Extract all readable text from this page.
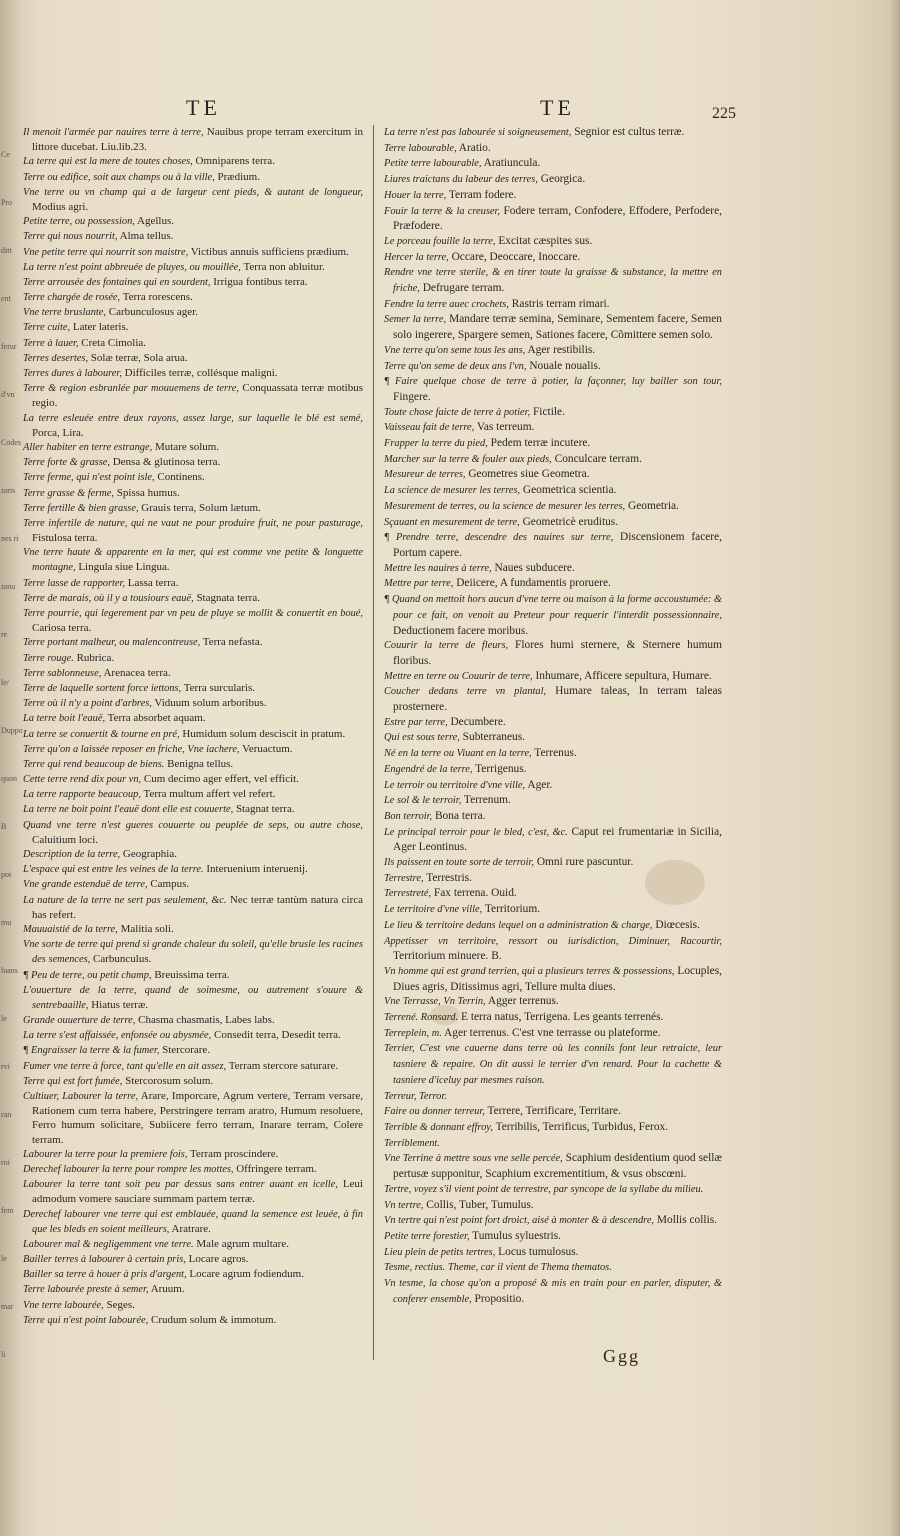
Ce
Pro
ditt
ent
ferur
d'vn
Codes
ioris
nes ri
ionu
re
le/
Duppo
quon
B
poi
mu
luans
le
rvi
ran
roi
fem
le
mar
li
TE	TE	225

Il menoit l'armée par nauires terre à terre, Nauibus prope terram exercitum in littore ducebat. Liu.lib.23.

La terre qui est la mere de toutes choses, Omniparens terra.

Terre ou edifice, soit aux champs ou à la ville, Prædium.

Vne terre ou vn champ qui a de largeur cent pieds, & autant de longueur, Modius agri.

Petite terre, ou possession, Agellus.

Terre qui nous nourrit, Alma tellus.

Vne petite terre qui nourrit son maistre, Victibus annuis sufficiens prædium.

La terre n'est point abbreuée de pluyes, ou mouillée, Terra non abluitur.

Terre arrousée des fontaines qui en sourdent, Irrigua fontibus terra.

Terre chargée de rosée, Terra rorescens.

Vne terre bruslante, Carbunculosus ager.

Terre cuite, Later lateris.

Terre à lauer, Creta Cimolia.

Terres desertes, Solæ terræ, Sola arua.

Terres dures à labourer, Difficiles terræ, collésque maligni.

Terre & region esbranlée par mouuemens de terre, Conquassata terræ motibus regio.

La terre esleuée entre deux rayons, assez large, sur laquelle le blé est semé, Porca, Lira.

Aller habiter en terre estrange, Mutare solum.

Terre forte & grasse, Densa & glutinosa terra.

Terre ferme, qui n'est point isle, Continens.

Terre grasse & ferme, Spissa humus.

Terre fertille & bien grasse, Grauis terra, Solum lætum.

Terre infertile de nature, qui ne vaut ne pour produire fruit, ne pour pasturage, Fistulosa terra.

Vne terre haute & apparente en la mer, qui est comme vne petite & longuette montagne, Lingula siue Lingua.

Terre lasse de rapporter, Lassa terra.

Terre de marais, où il y a tousiours eauë, Stagnata terra.

Terre pourrie, qui legerement par vn peu de pluye se mollit & conuertit en boué, Cariosa terra.

Terre portant malheur, ou malencontreuse, Terra nefasta.

Terre rouge. Rubrica.

Terre sablonneuse, Arenacea terra.

Terre de laquelle sortent force iettons, Terra surcularis.

Terre où il n'y a point d'arbres, Viduum solum arboribus.

La terre boit l'eauë, Terra absorbet aquam.

La terre se conuertit & tourne en pré, Humidum solum desciscit in pratum.

Terre qu'on a laissée reposer en friche, Vne iachere, Veruactum.

Terre qui rend beaucoup de biens. Benigna tellus.

Cette terre rend dix pour vn, Cum decimo ager effert, vel efficit.

La terre rapporte beaucoup, Terra multum affert vel refert.

La terre ne boit point l'eauë dont elle est couuerte, Stagnat terra.

Quand vne terre n'est gueres couuerte ou peuplée de seps, ou autre chose, Caluitium loci.

Description de la terre, Geographia.

L'espace qui est entre les veines de la terre. Interuenium interuenij.

Vne grande estenduë de terre, Campus.

La nature de la terre ne sert pas seulement, &c. Nec terræ tantùm natura circa has refert.

Mauuaistié de la terre, Malitia soli.

Vne sorte de terre qui prend si grande chaleur du soleil, qu'elle brusle les racines des semences, Carbunculus.

¶ Peu de terre, ou petit champ, Breuissima terra.

L'ouuerture de la terre, quand de soimesme, ou autrement s'ouure & sentrebaaille, Hiatus terræ.

Grande ouuerture de terre, Chasma chasmatis, Labes labs.

La terre s'est affaissée, enfonsée ou abysmée, Consedit terra, Desedit terra.

¶ Engraisser la terre & la fumer, Stercorare.

Fumer vne terre à force, tant qu'elle en ait assez, Terram stercore saturare.

Terre qui est fort fumée, Stercorosum solum.

Cultiuer, Labourer la terre, Arare, Imporcare, Agrum vertere, Terram versare, Rationem cum terra habere, Perstringere terram aratro, Humum resoluere, Ferro humum solicitare, Subiicere ferro terram, Inarare terram, Colere terram.

Labourer la terre pour la premiere fois, Terram proscindere.

Derechef labourer la terre pour rompre les mottes, Offringere terram.

Labourer la terre tant soit peu par dessus sans entrer auant en icelle, Leui admodum vomere sauciare summam partem terræ.

Derechef labourer vne terre qui est emblauée, quand la semence est leuée, à fin que les bleds en soient meilleurs, Aratrare.

Labourer mal & negligemment vne terre. Male agrum multare.

Bailler terres à labourer à certain pris, Locare agros.

Bailler sa terre à houer à pris d'argent, Locare agrum fodiendum.

Terre labourée preste à semer, Aruum.

Vne terre labourée, Seges.

Terre qui n'est point labourée, Crudum solum & immotum.

La terre n'est pas labourée si soigneusement, Segnior est cultus terræ.

Terre labourable, Aratio.

Petite terre labourable, Aratiuncula.

Liures traictans du labeur des terres, Georgica.

Houer la terre, Terram fodere.

Fouir la terre & la creuser, Fodere terram, Confodere, Effodere, Perfodere, Præfodere.

Le porceau fouille la terre, Excitat cæspites sus.

Hercer la terre, Occare, Deoccare, Inoccare.

Rendre vne terre sterile, & en tirer toute la graisse & substance, la mettre en friche, Defrugare terram.

Fendre la terre auec crochets, Rastris terram rimari.

Semer la terre, Mandare terræ semina, Seminare, Sementem facere, Semen solo ingerere, Spargere semen, Sationes facere, Cõmittere semen solo.

Vne terre qu'on seme tous les ans, Ager restibilis.

Terre qu'on seme de deux ans l'vn, Nouale noualis.

¶ Faire quelque chose de terre à potier, la façonner, luy bailler son tour, Fingere.

Toute chose faicte de terre à potier, Fictile.

Vaisseau fait de terre, Vas terreum.

Frapper la terre du pied, Pedem terræ incutere.

Marcher sur la terre & fouler aux pieds, Conculcare terram.

Mesureur de terres, Geometres siue Geometra.

La science de mesurer les terres, Geometrica scientia.

Mesurement de terres, ou la science de mesurer les terres, Geometria.

Sçauant en mesurement de terre, Geometricè eruditus.

¶ Prendre terre, descendre des nauires sur terre, Discensionem facere, Portum capere.

Mettre les nauires à terre, Naues subducere.

Mettre par terre, Deiicere, A fundamentis proruere.

¶ Quand on mettoit hors aucun d'vne terre ou maison à la forme accoustumée: & pour ce fait, on venoit au Preteur pour requerir l'interdit possessionnaire, Deductionem facere moribus.

Couurir la terre de fleurs, Flores humi sternere, & Sternere humum floribus.

Mettre en terre ou Couurir de terre, Inhumare, Afficere sepultura, Humare.

Coucher dedans terre vn plantal, Humare taleas, In terram taleas prosternere.

Estre par terre, Decumbere.

Qui est sous terre, Subterraneus.

Né en la terre ou Viuant en la terre, Terrenus.

Engendré de la terre, Terrigenus.

Le terroir ou territoire d'vne ville, Ager.

Le sol & le terroir, Terrenum.

Bon terroir, Bona terra.

Le principal terroir pour le bled, c'est, &c. Caput rei frumentariæ in Sicilia, Ager Leontinus.

Ils paissent en toute sorte de terroir, Omni rure pascuntur.

Terrestre, Terrestris.

Terrestreté, Fax terrena. Ouid.

Le territoire d'vne ville, Territorium.

Le lieu & territoire dedans lequel on a administration & charge, Diœcesis.

Appetisser vn territoire, ressort ou iurisdiction, Diminuer, Racourtir, Territorium minuere. B.

Vn homme qui est grand terrien, qui a plusieurs terres & possessions, Locuples, Diues agris, Ditissimus agri, Tellure multa diues.

Vne Terrasse, Vn Terrin, Agger terrenus.

Terrené. Ronsard. E terra natus, Terrigena. Les geants terrenés.

Terreplein, m. Ager terrenus. C'est vne terrasse ou plateforme.

Terrier, C'est vne cauerne dans terre où les connils font leur retraicte, leur tasniere & repaire. On dit aussi le terrier d'vn renard. Pour la cachette & tasniere d'iceluy par mesmes raison.

Terreur, Terror.

Faire ou donner terreur, Terrere, Terrificare, Territare.

Terrible & donnant effroy, Terribilis, Terrificus, Turbidus, Ferox.

Terriblement.

Vne Terrine à mettre sous vne selle percée, Scaphium desidentium quod sellæ pertusæ supponitur, Scaphium excrementitium, & vsus obscœni.

Tertre, voyez s'il vient point de terrestre, par syncope de la syllabe du milieu.

Vn tertre, Collis, Tuber, Tumulus.

Vn tertre qui n'est point fort droict, aisé à monter & à descendre, Mollis collis.

Petite terre forestier, Tumulus syluestris.

Lieu plein de petits tertres, Locus tumulosus.

Tesme, rectius. Theme, car il vient de Thema thematos.

Vn tesme, la chose qu'on a proposé & mis en train pour en parler, disputer, & conferer ensemble, Propositio.

Ggg
